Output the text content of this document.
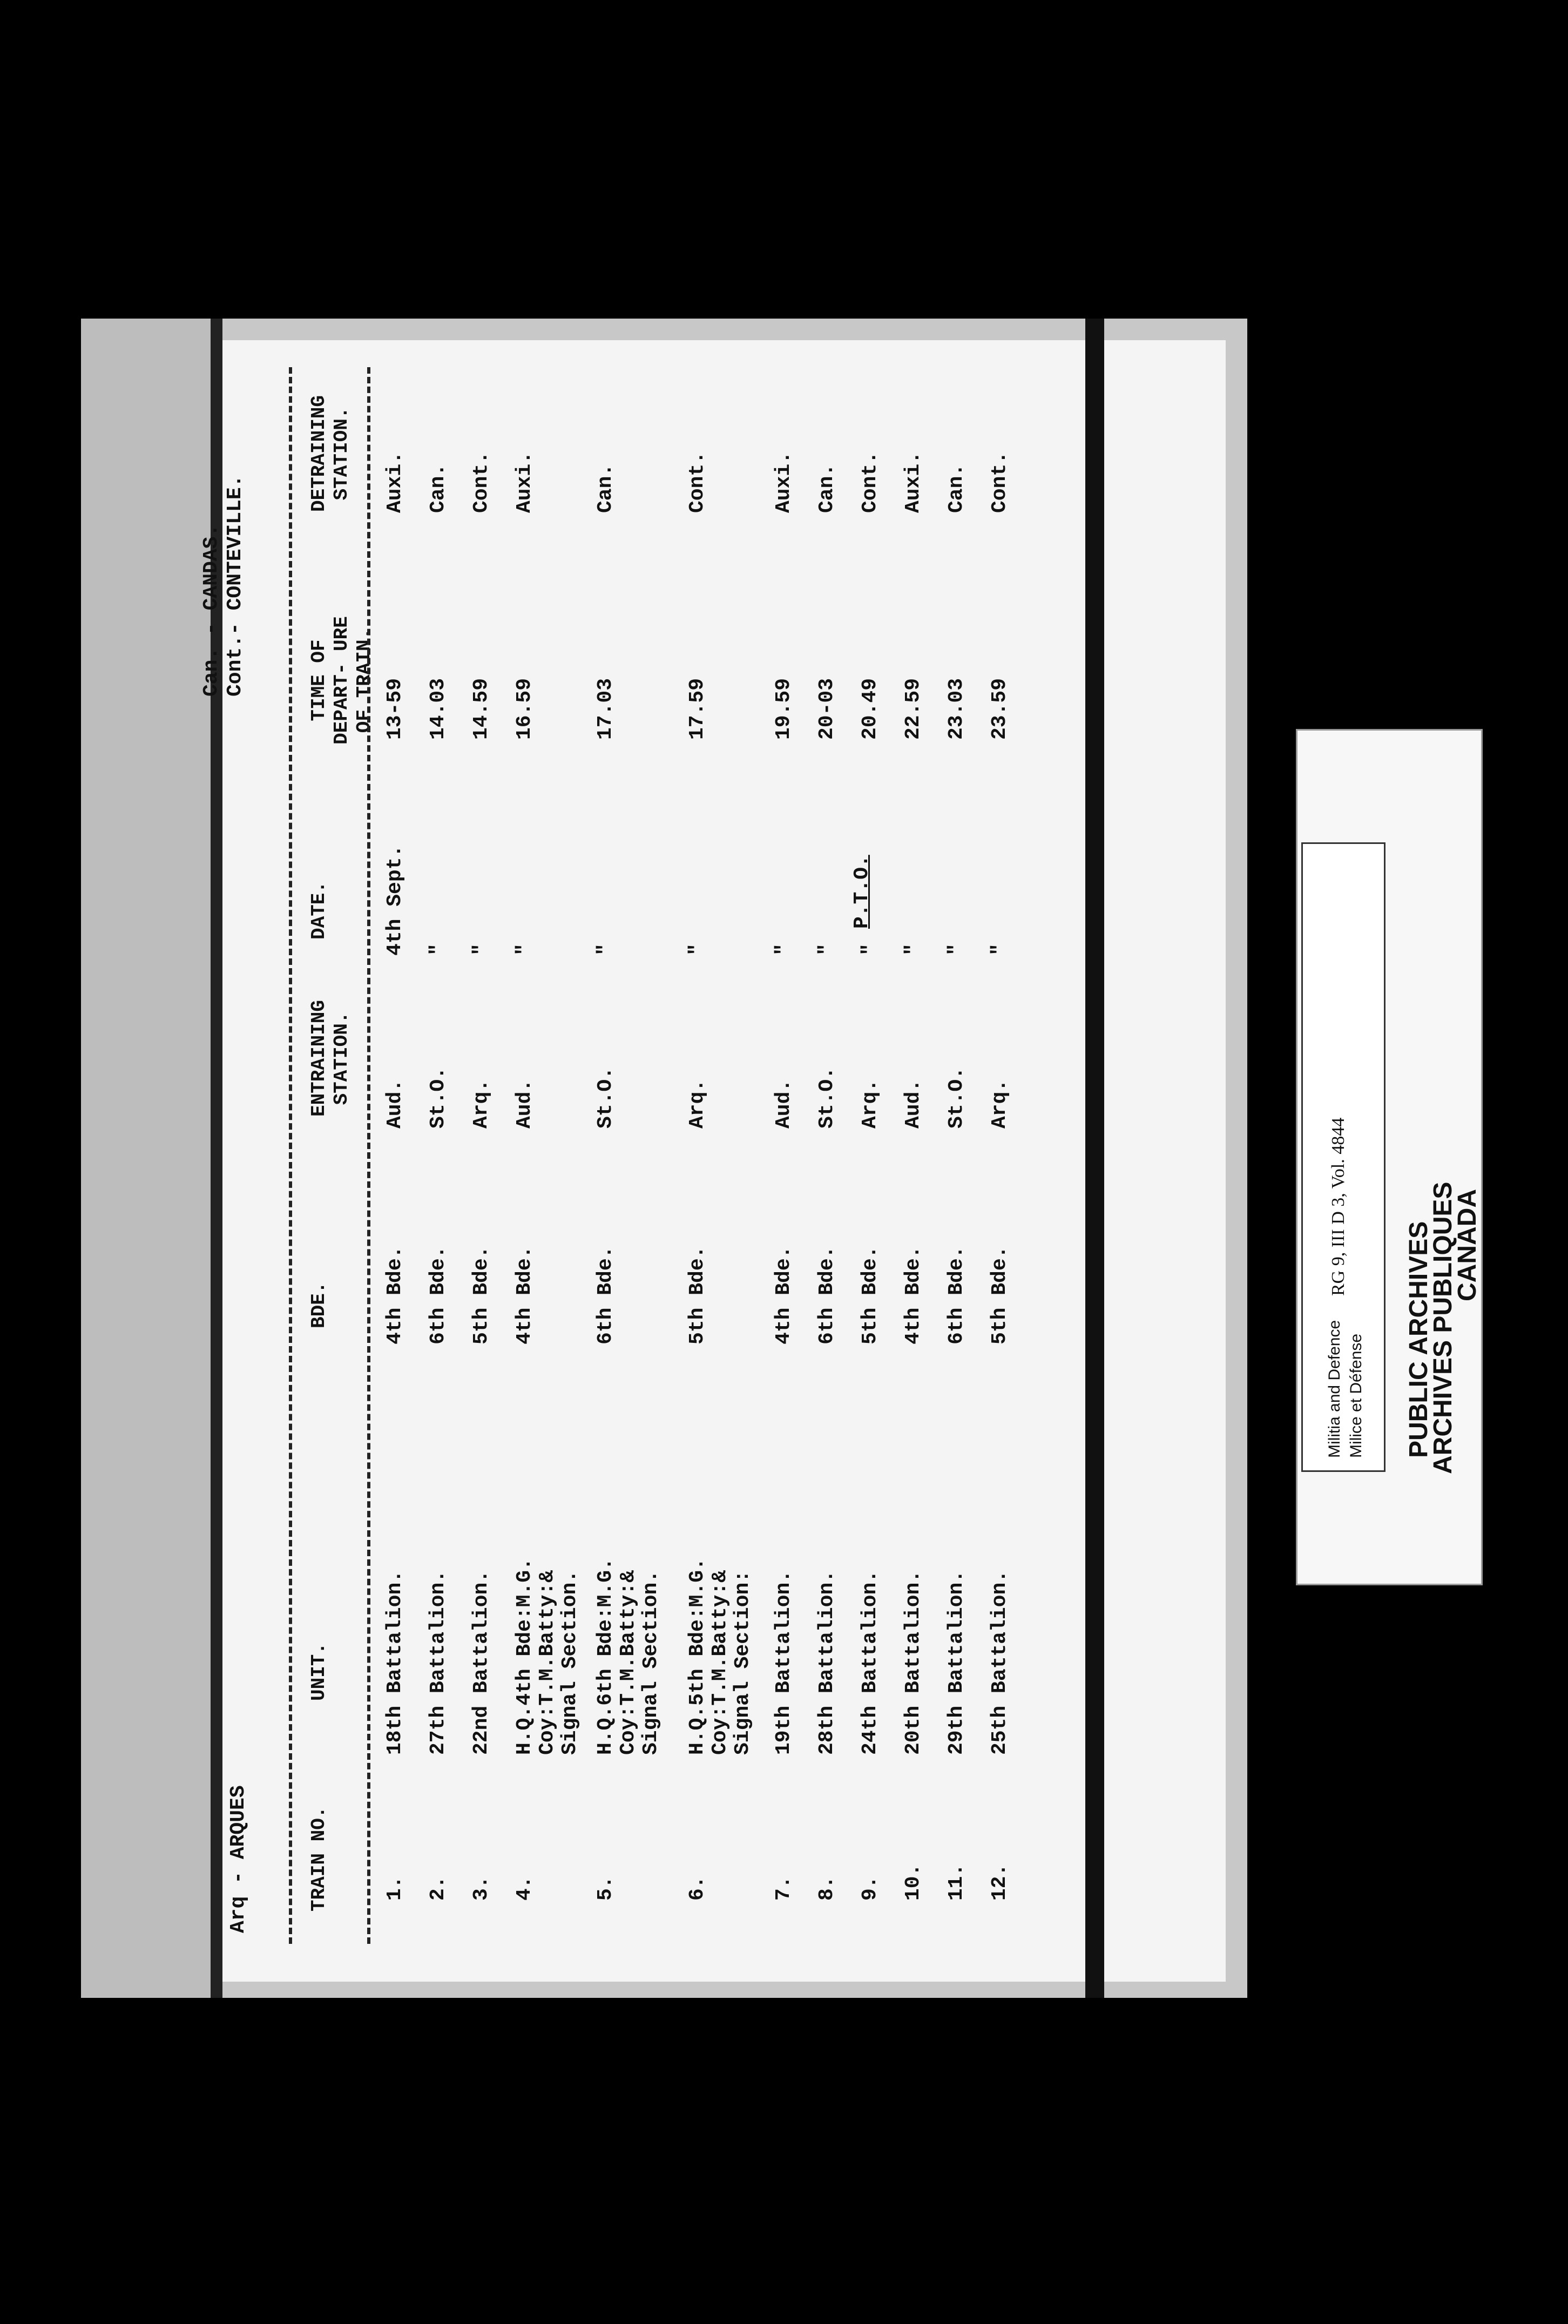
Arq - ARQUES
Can. - CANDAS. Cont.- CONTEVILLE.
TRAIN NO.
UNIT.
BDE.
ENTRAINING STATION.
DATE.
TIME OF DEPART- URE OF TRAIN.
DETRAINING STATION.
1.
18th Battalion.
4th Bde.
Aud.
4th Sept.
13-59
Auxi.
2.
27th Battalion.
6th Bde.
St.O.
"
14.03
Can.
3.
22nd Battalion.
5th Bde.
Arq.
"
14.59
Cont.
4.
H.Q.4th Bde:M.G. Coy:T.M.Batty:& Signal Section.
4th Bde.
Aud.
"
16.59
Auxi.
5.
H.Q.6th Bde:M.G. Coy:T.M.Batty:& Signal Section.
6th Bde.
St.O.
"
17.03
Can.
6.
H.Q.5th Bde:M.G. Coy:T.M.Batty:& Signal Section:
5th Bde.
Arq.
"
17.59
Cont.
7.
19th Battalion.
4th Bde.
Aud.
"
19.59
Auxi.
8.
28th Battalion.
6th Bde.
St.O.
"
20-03
Can.
9.
24th Battalion.
5th Bde.
Arq.
"
20.49
Cont.
10.
20th Battalion.
4th Bde.
Aud.
"
22.59
Auxi.
11.
29th Battalion.
6th Bde.
St.O.
"
23.03
Can.
12.
25th Battalion.
5th Bde.
Arq.
"
23.59
Cont.
P.T.O.
RG 9, III D 3, Vol. 4844
Militia and Defence Milice et Défense PUBLIC ARCHIVES
ARCHIVES PUBLIQUES
CANADA
